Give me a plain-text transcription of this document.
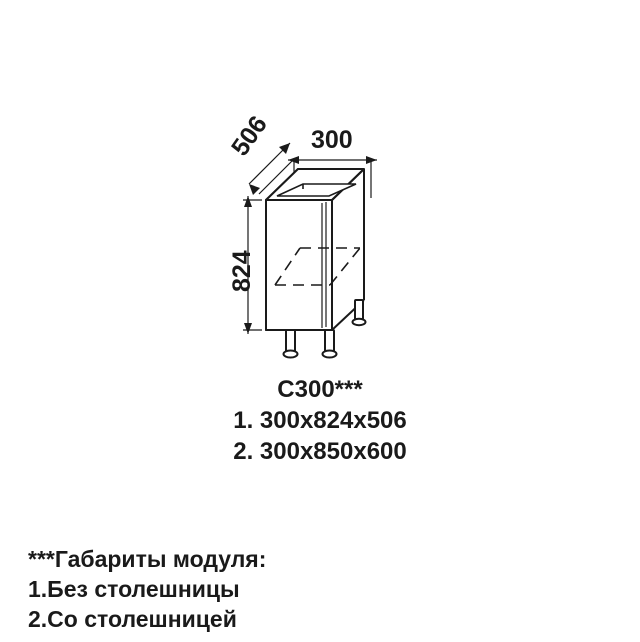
300
506
824
С300***
1. 300x824x506
2. 300x850x600
***Габариты модуля:
1.Без столешницы
2.Со столешницей
